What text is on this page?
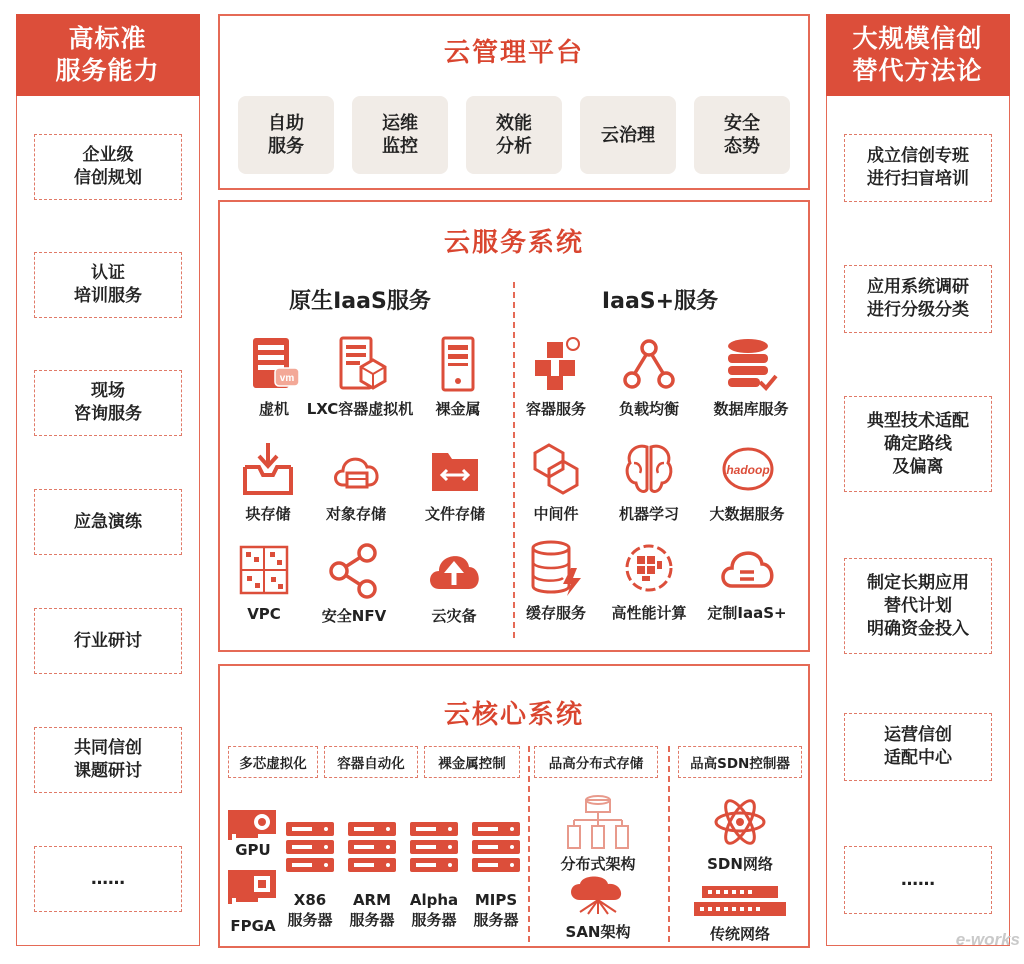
高标准
服务能力
企业级
信创规划
认证
培训服务
现场
咨询服务
应急演练
行业研讨
共同信创
课题研讨
……
大规模信创
替代方法论
成立信创专班
进行扫盲培训
应用系统调研
进行分级分类
典型技术适配
确定路线
及偏离
制定长期应用
替代计划
明确资金投入
运营信创
适配中心
……
云管理平台
自助
服务
运维
监控
效能
分析
云治理
安全
态势
云服务系统
原生IaaS服务	IaaS+服务
vm
虚机	LXC容器虚拟机	裸金属
块存储	对象存储	文件存储
VPC	安全NFV	云灾备
容器服务	负载均衡	数据库服务
中间件	机器学习
hadoop
大数据服务
缓存服务	高性能计算	定制IaaS+
云核心系统
多芯虚拟化	容器自动化	裸金属控制	品高分布式存储	品高SDN控制器
GPU
FPGA
X86
服务器
ARM
服务器
Alpha
服务器
MIPS
服务器
分布式架构
SAN架构
SDN网络
传统网络	e-works
